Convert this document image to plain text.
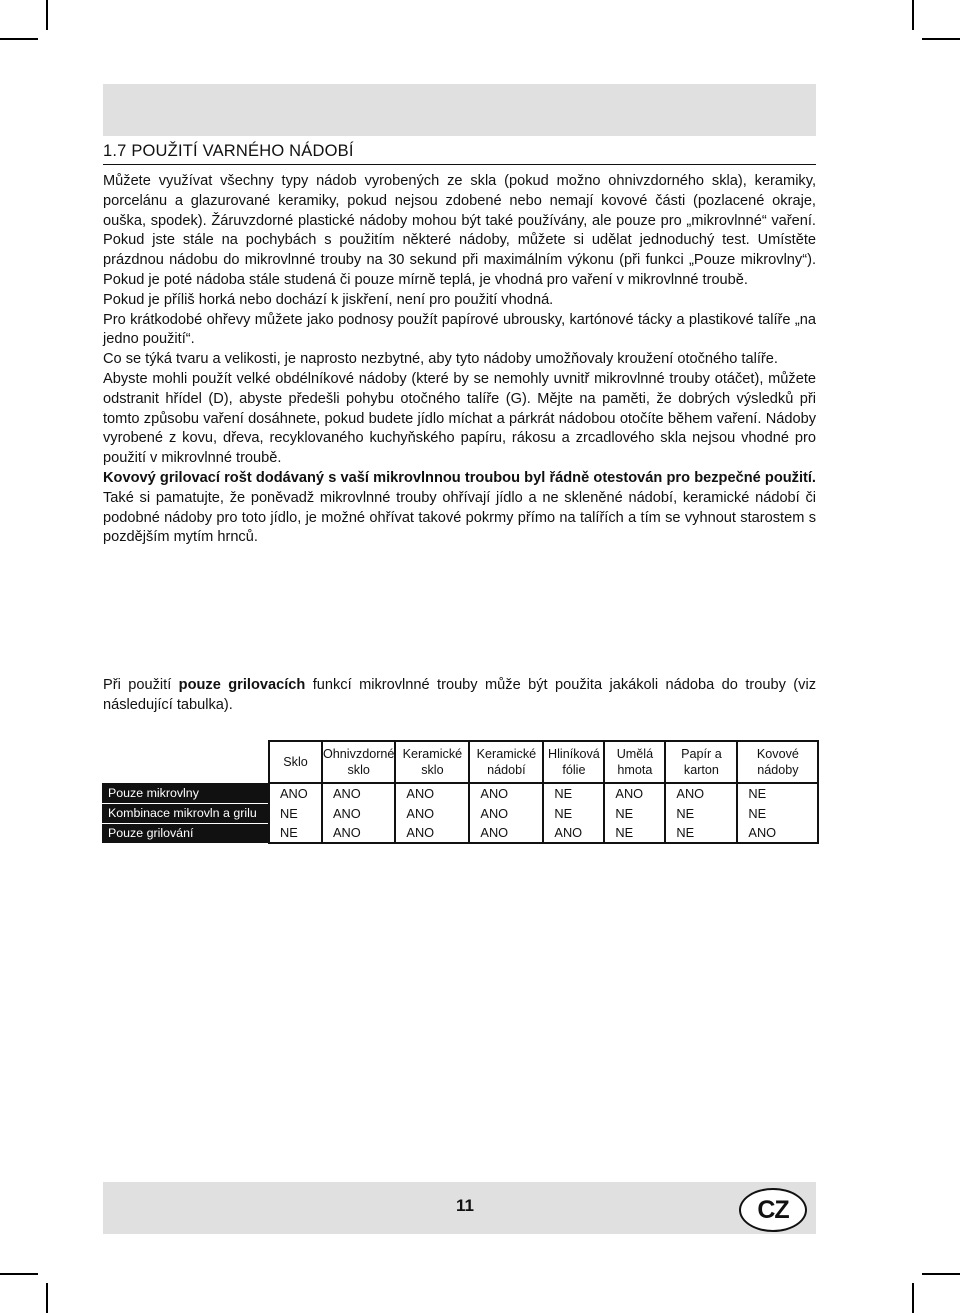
1.7 POUŽITÍ VARNÉHO NÁDOBÍ

Můžete využívat všechny typy nádob vyrobených ze skla (pokud možno ohnivzdorného skla), keramiky, porcelánu a glazurované keramiky, pokud nejsou zdobené nebo nemají kovové části (pozlacené okraje, ouška, spodek). Žáruvzdorné plastické nádoby mohou být také používány, ale pouze pro „mikrovlnné“ vaření. Pokud jste stále na pochybách s použitím některé nádoby, můžete si udělat jednoduchý test. Umístěte prázdnou nádobu do mikrovlnné trouby na 30 sekund při maximálním výkonu (při funkci „Pouze mikrovlny“). Pokud je poté nádoba stále studená či pouze mírně teplá, je vhodná pro vaření v mikrovlnné troubě.

Pokud je příliš horká nebo dochází k jiskření, není pro použití vhodná.

Pro krátkodobé ohřevy můžete jako podnosy použít papírové ubrousky, kartónové tácky a plastikové talíře „na jedno použití“.

Co se týká tvaru a velikosti, je naprosto nezbytné, aby tyto nádoby umožňovaly kroužení otočného talíře.

Abyste mohli použít velké obdélníkové nádoby (které by se nemohly uvnitř mikrovlnné trouby otáčet), můžete odstranit hřídel (D), abyste předešli pohybu otočného talíře (G). Mějte na paměti, že dobrých výsledků při tomto způsobu vaření dosáhnete, pokud budete jídlo míchat a párkrát nádobou otočíte během vaření. Nádoby vyrobené z kovu, dřeva, recyklovaného kuchyňského papíru, rákosu a zrcadlového skla nejsou vhodné pro použití v mikrovlnné troubě.

Kovový grilovací rošt dodávaný s vaší mikrovlnnou troubou byl řádně otestován pro bezpečné použití. Také si pamatujte, že poněvadž mikrovlnné trouby ohřívají jídlo a ne skleněné nádobí, keramické nádobí či podobné nádoby pro toto jídlo, je možné ohřívat takové pokrmy přímo na talířích a tím se vyhnout starostem s pozdějším mytím hrnců.

Při použití pouze grilovacích funkcí mikrovlnné trouby může být použita jakákoli nádoba do trouby (viz následující tabulka).

	Sklo	Ohnivzdorné sklo	Keramické sklo	Keramické nádobí	Hliníková fólie	Umělá hmota	Papír a karton	Kovové nádoby
Pouze mikrovlny	ANO	ANO	ANO	ANO	NE	ANO	ANO	NE
Kombinace mikrovln a grilu	NE	ANO	ANO	ANO	NE	NE	NE	NE
Pouze grilování	NE	ANO	ANO	ANO	ANO	NE	NE	ANO
11	CZ
